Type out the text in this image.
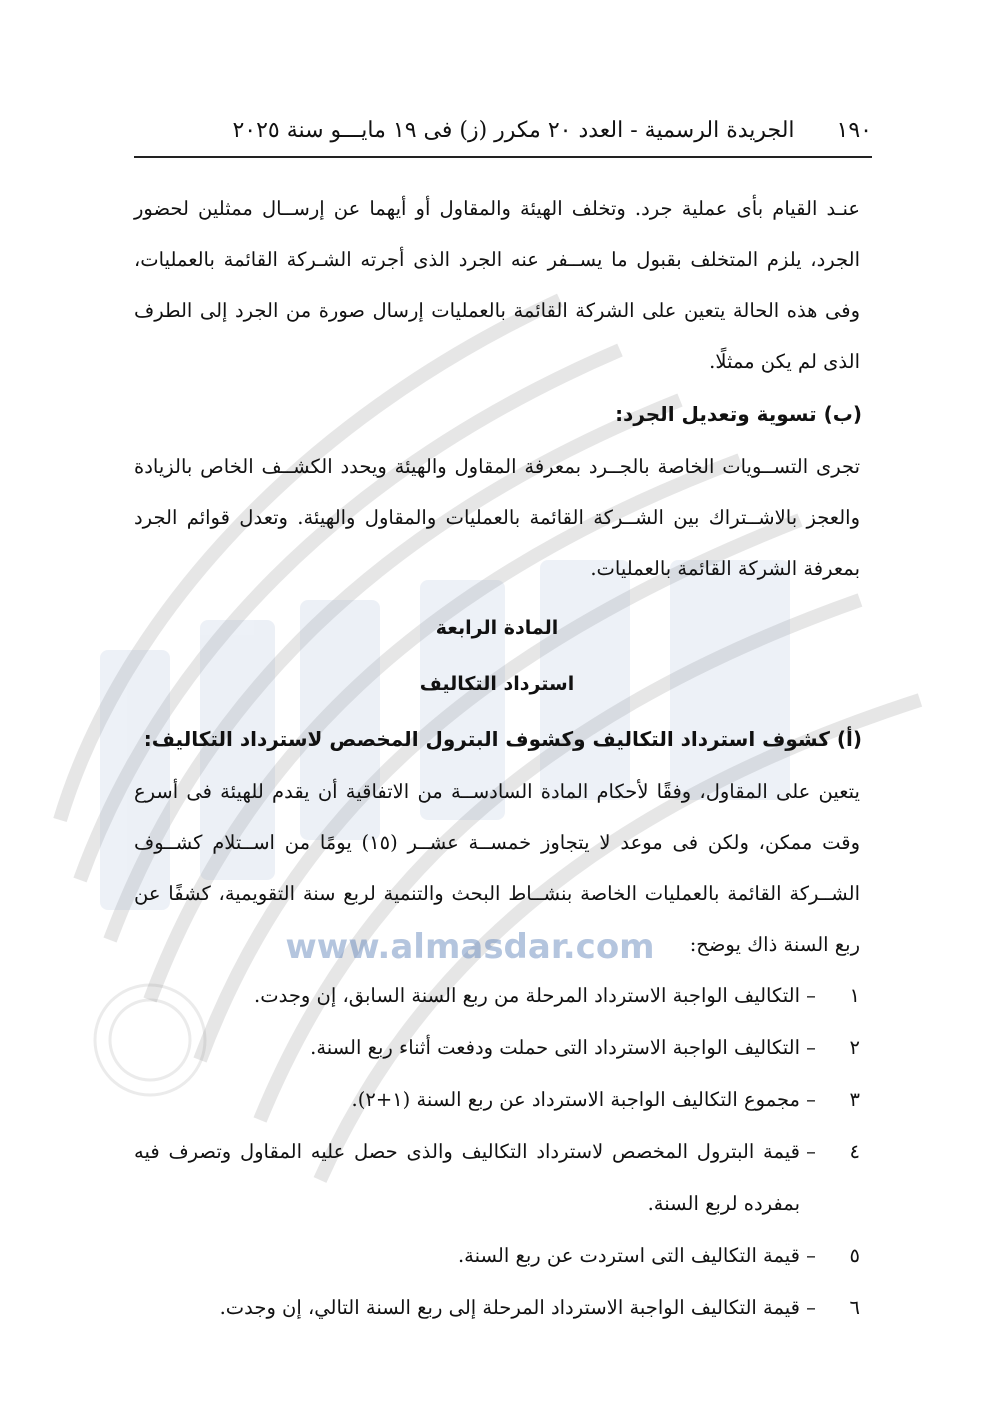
www.almasdar.com
١٩٠  الجريدة الرسمية - العدد ٢٠ مكرر (ز) فى ١٩ مايـــو سنة ٢٠٢٥

عنـد القيام بأى عملية جرد. وتخلف الهيئة والمقاول أو أيهما عن إرســال ممثلين لحضور الجرد، يلزم المتخلف بقبول ما يســفر عنه الجرد الذى أجرته الشـركة القائمة بالعمليات، وفى هذه الحالة يتعين على الشركة القائمة بالعمليات إرسال صورة من الجرد إلى الطرف الذى لم يكن ممثلًا.

(ب) تسوية وتعديل الجرد:

تجرى التســويات الخاصة بالجــرد بمعرفة المقاول والهيئة ويحدد الكشــف الخاص بالزيادة والعجز بالاشــتراك بين الشــركة القائمة بالعمليات والمقاول والهيئة. وتعدل قوائم الجرد بمعرفة الشركة القائمة بالعمليات.

المادة الرابعة

استرداد التكاليف

(أ) كشوف استرداد التكاليف وكشوف البترول المخصص لاسترداد التكاليف:

يتعين على المقاول، وفقًا لأحكام المادة السادســة من الاتفاقية أن يقدم للهيئة فى أسرع وقت ممكن، ولكن فى موعد لا يتجاوز خمســة عشــر (١٥) يومًا من اســتلام كشــوف الشــركة القائمة بالعمليات الخاصة بنشــاط البحث والتنمية لربع سنة التقويمية، كشفًا عن ربع السنة ذاك يوضح:

١
–
التكاليف الواجبة الاسترداد المرحلة من ربع السنة السابق، إن وجدت.
٢
–
التكاليف الواجبة الاسترداد التى حملت ودفعت أثناء ربع السنة.
٣
–
مجموع التكاليف الواجبة الاسترداد عن ربع السنة (١+٢).
٤
–
قيمة البترول المخصص لاسترداد التكاليف والذى حصل عليه المقاول وتصرف فيه بمفرده لربع السنة.
٥
–
قيمة التكاليف التى استردت عن ربع السنة.
٦
–
قيمة التكاليف الواجبة الاسترداد المرحلة إلى ربع السنة التالي، إن وجدت.
